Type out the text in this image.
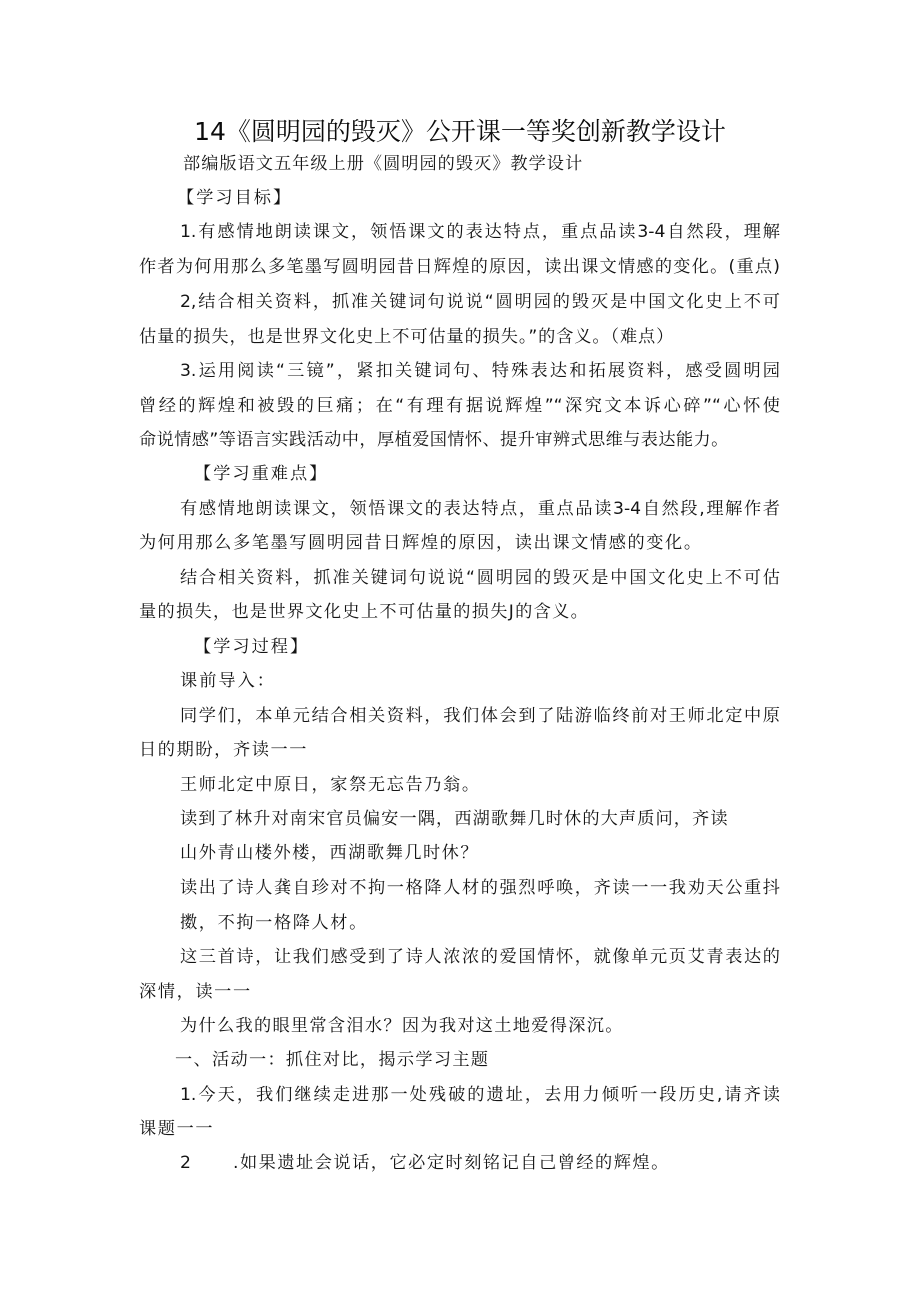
14《圆明园的毁灭》公开课一等奖创新教学设计
部编版语文五年级上册《圆明园的毁灭》教学设计
【学习目标】
1.有感情地朗读课文，领悟课文的表达特点，重点品读3-4自然段，理解
作者为何用那么多笔墨写圆明园昔日辉煌的原因，读出课文情感的变化。(重点)
2,结合相关资料，抓准关键词句说说“圆明园的毁灭是中国文化史上不可
估量的损失，也是世界文化史上不可估量的损失。”的含义。（难点）
3.运用阅读“三镜”，紧扣关键词句、特殊表达和拓展资料，感受圆明园
曾经的辉煌和被毁的巨痛；在“有理有据说辉煌”“深究文本诉心碎”“心怀使
命说情感”等语言实践活动中，厚植爱国情怀、提升审辨式思维与表达能力。
【学习重难点】
有感情地朗读课文，领悟课文的表达特点，重点品读3-4自然段,理解作者
为何用那么多笔墨写圆明园昔日辉煌的原因，读出课文情感的变化。
结合相关资料，抓准关键词句说说“圆明园的毁灭是中国文化史上不可估
量的损失，也是世界文化史上不可估量的损失J的含义。
【学习过程】
课前导入：
同学们，本单元结合相关资料，我们体会到了陆游临终前对王师北定中原
日的期盼，齐读一一
王师北定中原日，家祭无忘告乃翁。
读到了林升对南宋官员偏安一隅，西湖歌舞几时休的大声质问，齐读
山外青山楼外楼，西湖歌舞几时休？
读出了诗人龚自珍对不拘一格降人材的强烈呼唤，齐读一一我劝天公重抖
擞，不拘一格降人材。
这三首诗，让我们感受到了诗人浓浓的爱国情怀，就像单元页艾青表达的
深情，读一一
为什么我的眼里常含泪水？因为我对这土地爱得深沉。
一、活动一：抓住对比，揭示学习主题
1.今天，我们继续走进那一处残破的遗址，去用力倾听一段历史,请齐读
课题一一
2 .如果遗址会说话，它必定时刻铭记自己曾经的辉煌。
